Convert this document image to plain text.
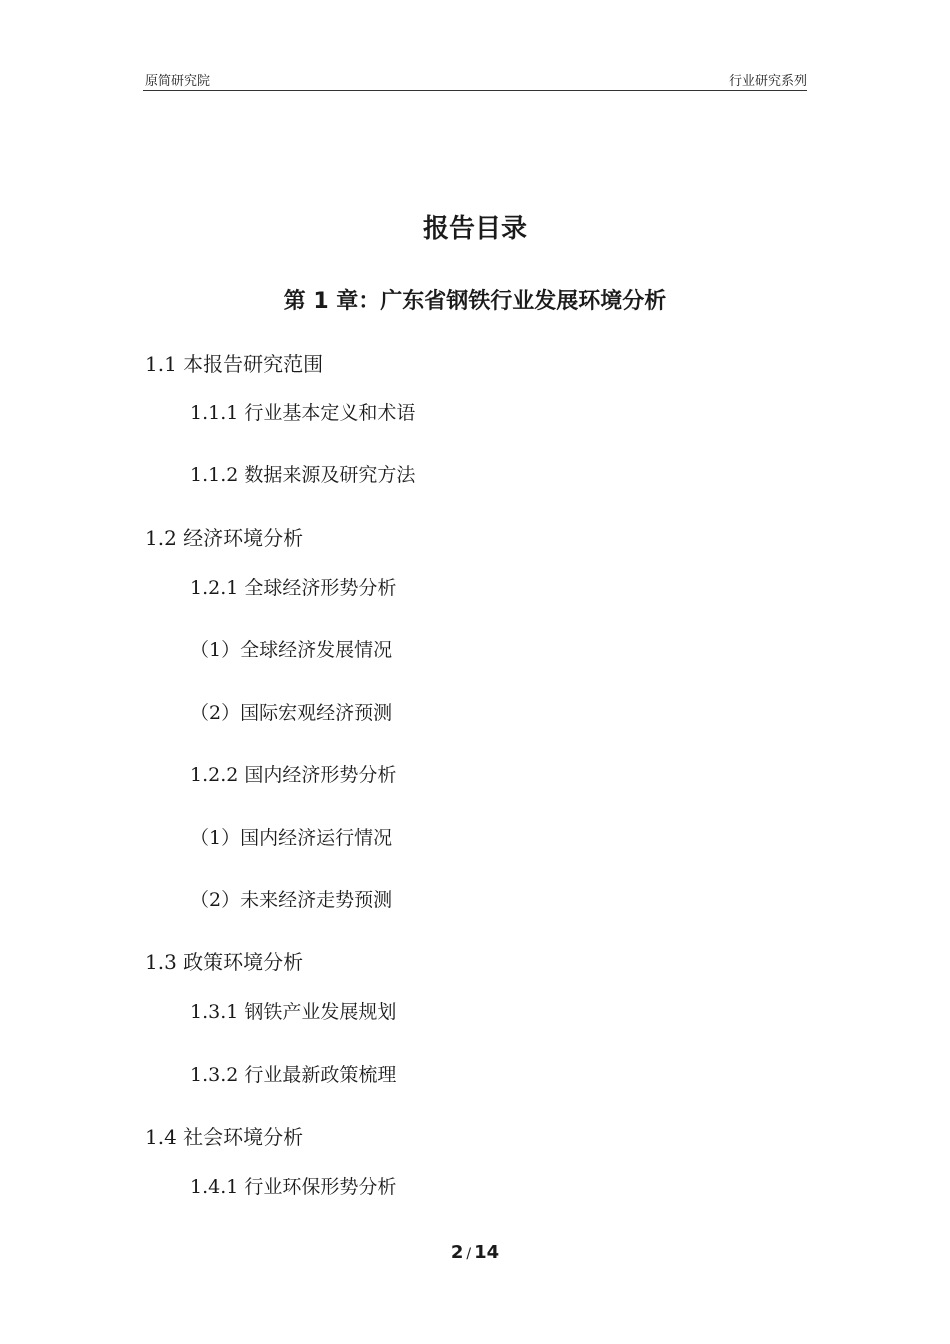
原简研究院	行业研究系列
报告目录
第 1 章：广东省钢铁行业发展环境分析
1.1 本报告研究范围
1.1.1 行业基本定义和术语
1.1.2 数据来源及研究方法
1.2 经济环境分析
1.2.1 全球经济形势分析
（1）全球经济发展情况
（2）国际宏观经济预测
1.2.2 国内经济形势分析
（1）国内经济运行情况
（2）未来经济走势预测
1.3 政策环境分析
1.3.1 钢铁产业发展规划
1.3.2 行业最新政策梳理
1.4 社会环境分析
1.4.1 行业环保形势分析
2 / 14
